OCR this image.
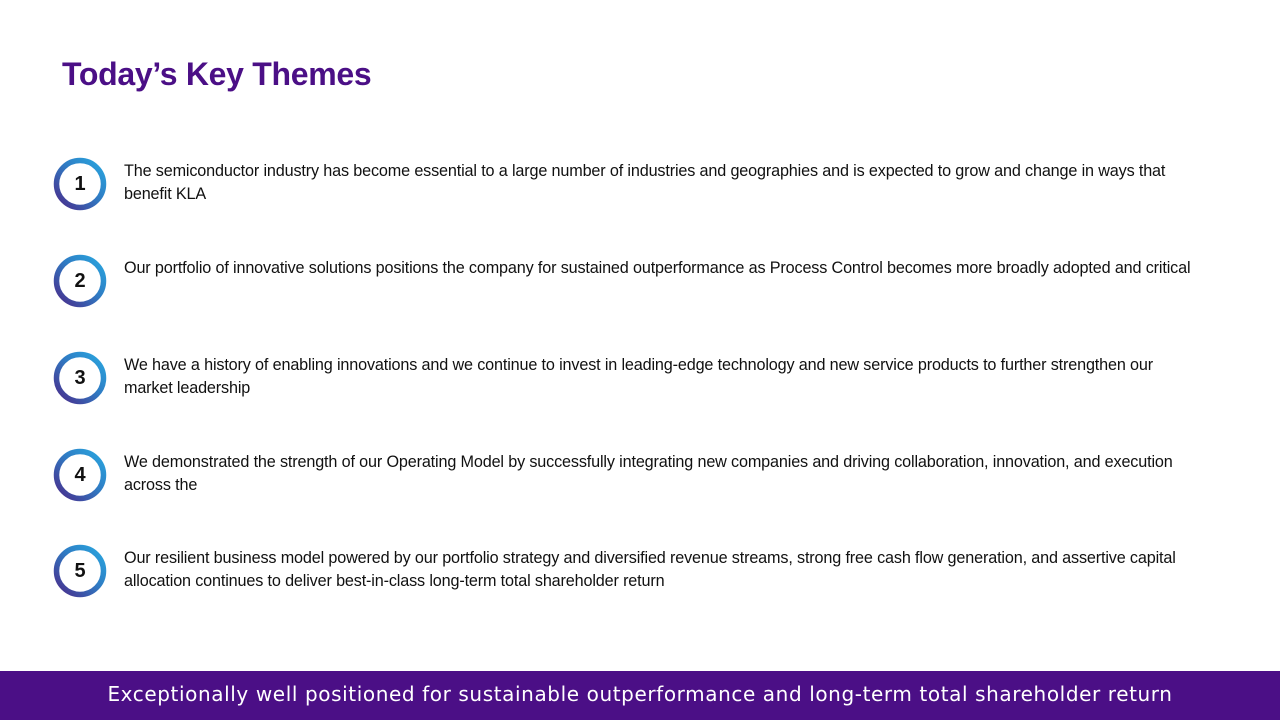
Today’s Key Themes
1

The semiconductor industry has become essential to a large number of industries and geographies and is expected to grow and change in ways that benefit KLA

2

Our portfolio of innovative solutions positions the company for sustained outperformance as Process Control becomes more broadly adopted and critical

3

We have a history of enabling innovations and we continue to invest in leading-edge technology and new service products to further strengthen our market leadership

4

We demonstrated the strength of our Operating Model by successfully integrating new companies and driving collaboration, innovation, and execution across the

5

Our resilient business model powered by our portfolio strategy and diversified revenue streams, strong free cash flow generation, and assertive capital allocation continues to deliver best-in-class long-term total shareholder return

Exceptionally well positioned for sustainable outperformance and long-term total shareholder return
